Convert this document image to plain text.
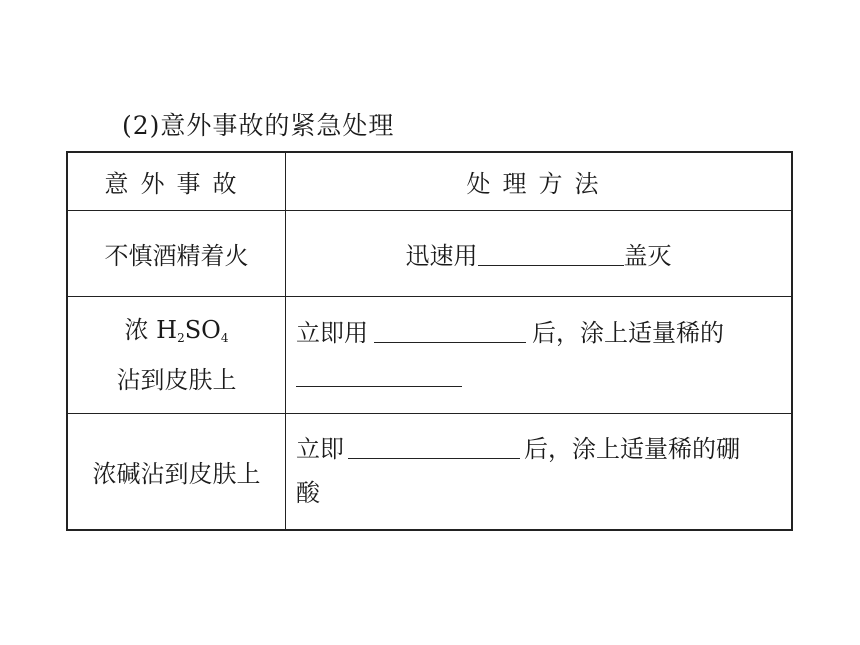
(2)意外事故的紧急处理
意外事故	处理方法
不慎酒精着火	迅速用 盖灭

浓 $H_2SO_4$
沾到皮肤上	立即用 后，涂上适量稀的

浓碱沾到皮肤上	立即 后，涂上适量稀的硼
酸
